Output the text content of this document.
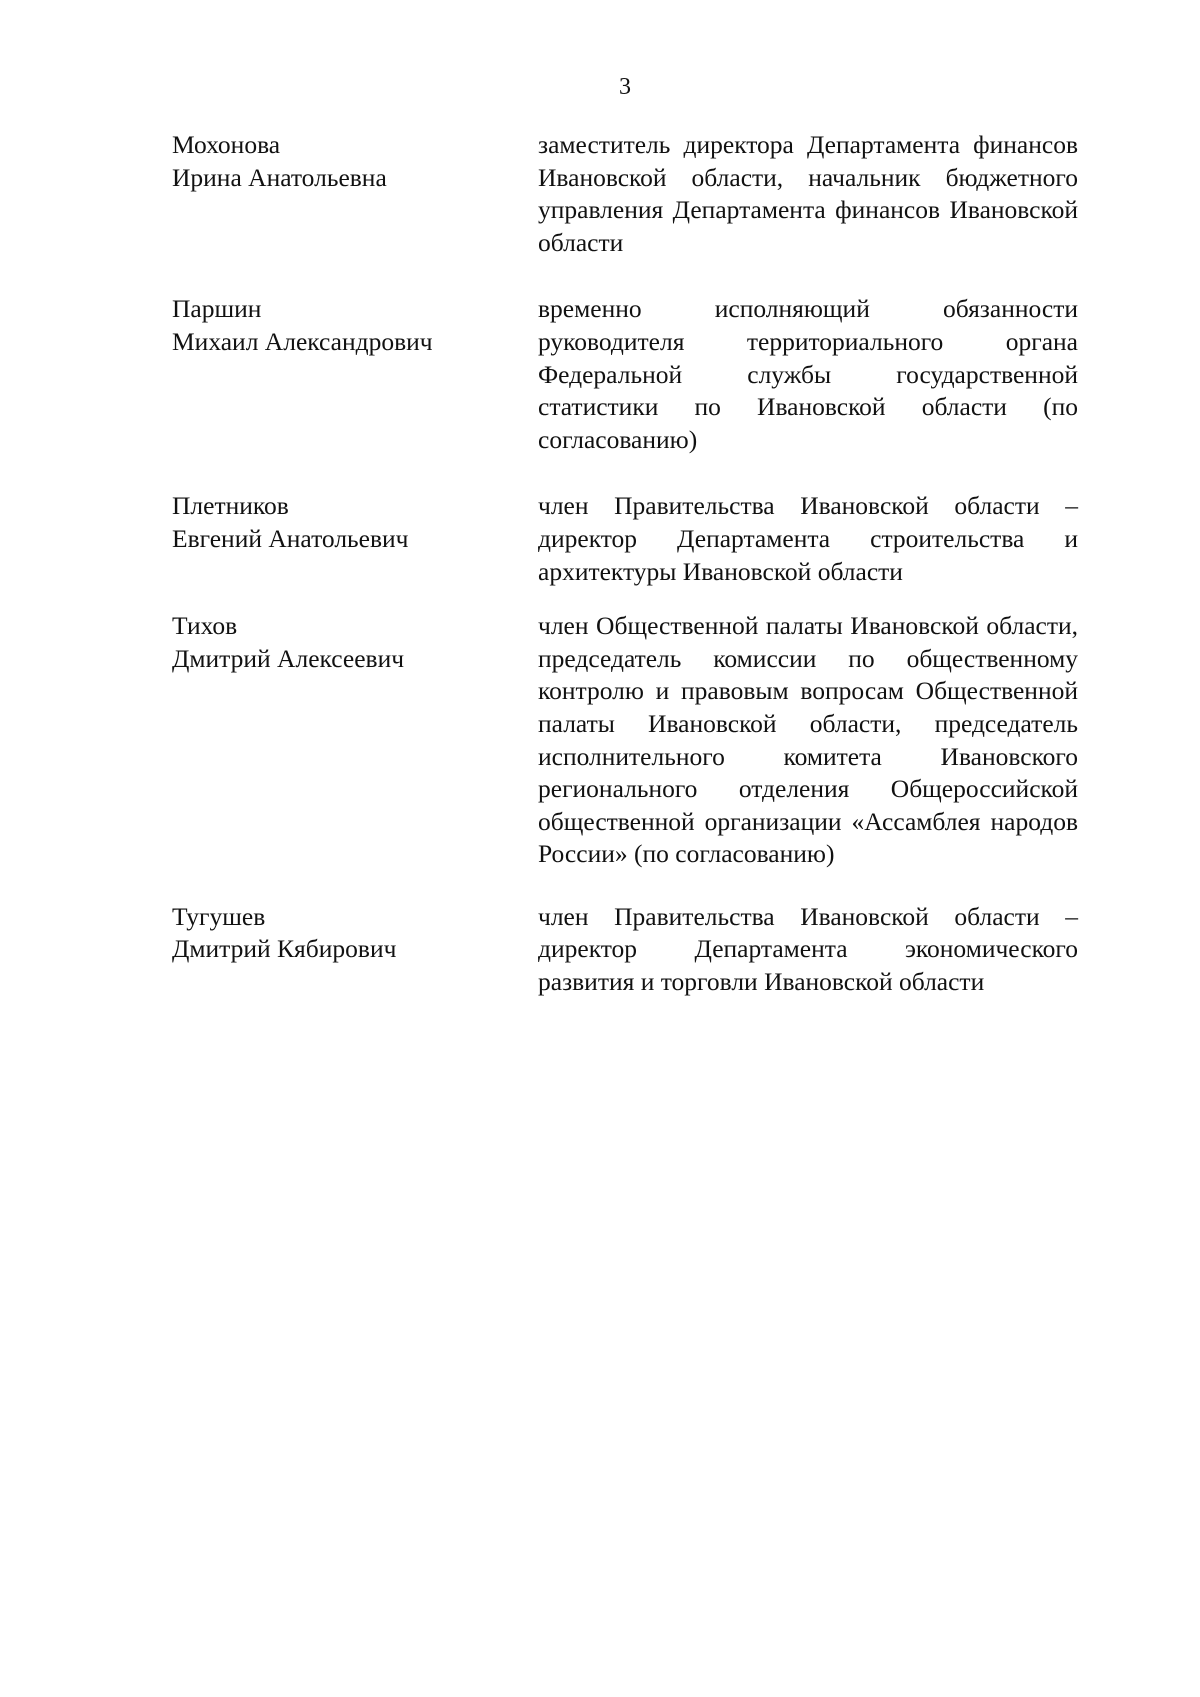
3
Мохонова
Ирина Анатольевна
заместитель директора Департамента финансов Ивановской области, начальник бюджетного управления Департамента финансов Ивановской области
Паршин
Михаил Александрович
временно исполняющий обязанности руководителя территориального органа Федеральной службы государственной статистики по Ивановской области (по согласованию)
Плетников
Евгений Анатольевич
член Правительства Ивановской области – директор Департамента строительства и архитектуры Ивановской области
Тихов
Дмитрий Алексеевич
член Общественной палаты Ивановской области, председатель комиссии по общественному контролю и правовым вопросам Общественной палаты Ивановской области, председатель исполнительного комитета Ивановского регионального отделения Общероссийской общественной организации «Ассамблея народов России» (по согласованию)
Тугушев
Дмитрий Кябирович
член Правительства Ивановской области – директор Департамента экономического развития и торговли Ивановской области
